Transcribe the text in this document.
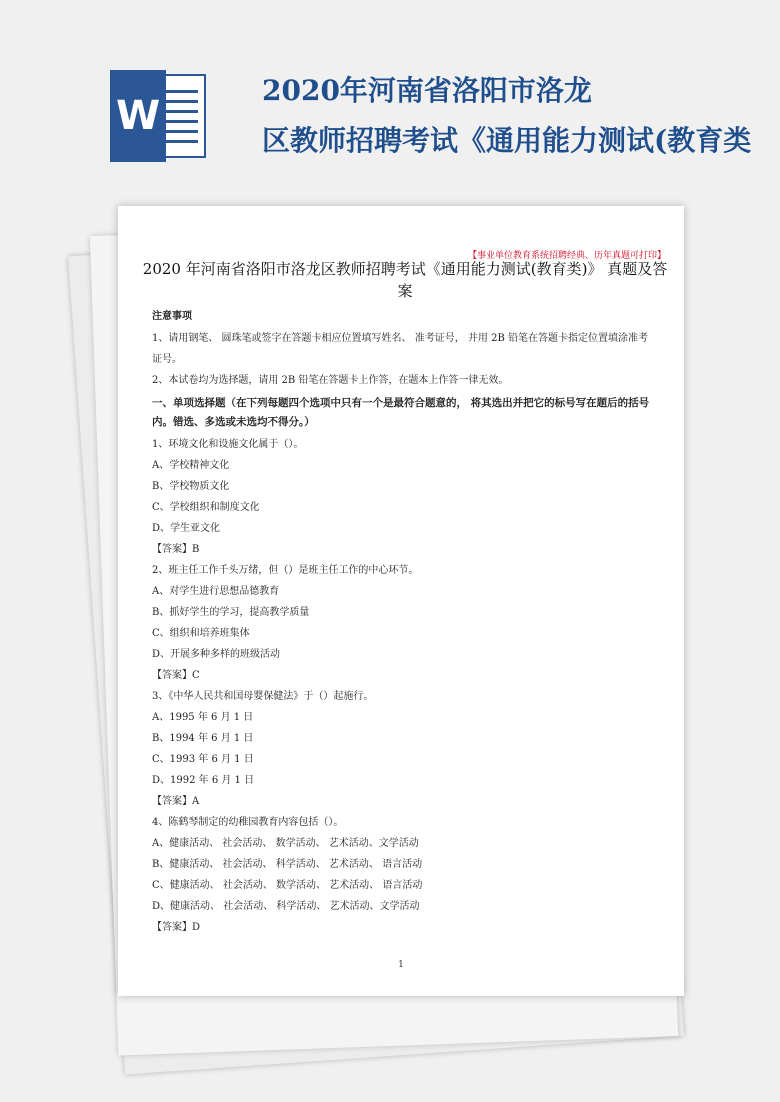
W
2020年河南省洛阳市洛龙
区教师招聘考试《通用能力测试(教育类
【事业单位教育系统招聘经典、历年真题可打印】
2020 年河南省洛阳市洛龙区教师招聘考试《通用能力测试(教育类)》 真题及答案

注意事项

1、请用钢笔、 圆珠笔或签字在答题卡相应位置填写姓名、 准考证号， 并用 2B 铅笔在答题卡指定位置填涂准考证号。

2、本试卷均为选择题，请用 2B 铅笔在答题卡上作答，在题本上作答一律无效。

一、单项选择题（在下列每题四个选项中只有一个是最符合题意的， 将其选出并把它的标号写在题后的括号内。错选、多选或未选均不得分。）

1、环境文化和设施文化属于（）。

A、学校精神文化

B、学校物质文化

C、学校组织和制度文化

D、学生亚文化

【答案】B

2、班主任工作千头万绪，但（）是班主任工作的中心环节。

A、对学生进行思想品德教育

B、抓好学生的学习，提高教学质量

C、组织和培养班集体

D、开展多种多样的班级活动

【答案】C

3、《中华人民共和国母婴保健法》于（）起施行。

A、1995 年 6 月 1 日

B、1994 年 6 月 1 日

C、1993 年 6 月 1 日

D、1992 年 6 月 1 日

【答案】A

4、陈鹤琴制定的幼稚园教育内容包括（）。

A、健康活动、 社会活动、 数学活动、 艺术活动、文学活动

B、健康活动、 社会活动、 科学活动、 艺术活动、 语言活动

C、健康活动、 社会活动、 数学活动、 艺术活动、 语言活动

D、健康活动、 社会活动、 科学活动、 艺术活动、文学活动

【答案】D

1
